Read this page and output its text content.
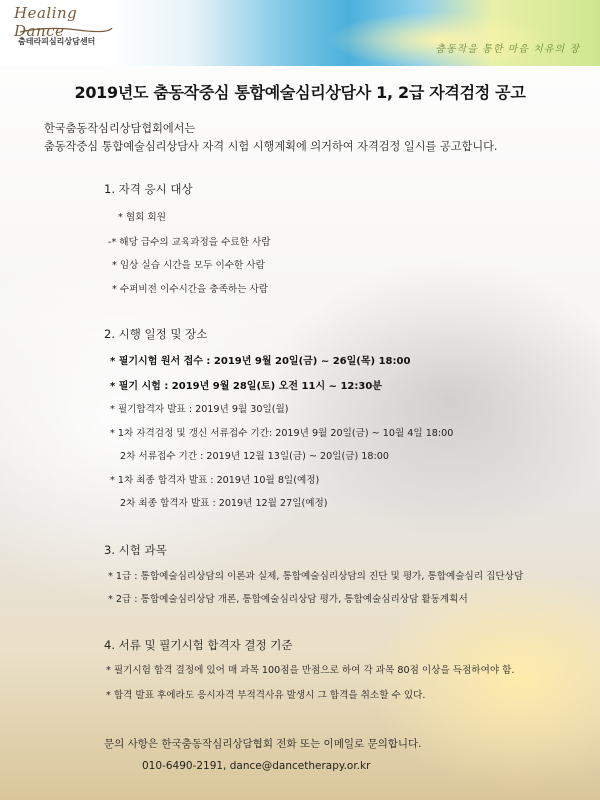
Healing Dance
춤테라피심리상담센터
춤동작을 통한 마음 치유의 장
2019년도 춤동작중심 통합예술심리상담사 1, 2급 자격검정 공고
한국춤동작심리상담협회에서는
춤동작중심 통합예술심리상담사 자격 시험 시행계획에 의거하여 자격검정 일시를 공고합니다.
1. 자격 응시 대상
* 협회 회원
-* 해당 급수의 교육과정을 수료한 사람
* 임상 실습 시간을 모두 이수한 사람
* 수퍼비전 이수시간을 충족하는 사람
2. 시행 일정 및 장소
* 필기시험 원서 접수 : 2019년 9월 20일(금) ~ 26일(목) 18:00
* 필기 시험 : 2019년 9월 28일(토) 오전 11시 ~ 12:30분
* 필기합격자 발표 : 2019년 9월 30일(월)
* 1차 자격검정 및 갱신 서류접수 기간: 2019년 9월 20일(금) ~ 10월 4일 18:00
2차 서류접수 기간 : 2019년 12월 13일(금) ~ 20일(금) 18:00
* 1차 최종 합격자 발표 : 2019년 10월 8일(예정)
2차 최종 합격자 발표 : 2019년 12월 27일(예정)
3. 시험 과목
* 1급 : 통합예술심리상담의 이론과 실제, 통합예술심리상담의 진단 및 평가, 통합예술심리 집단상담
* 2급 : 통합예술심리상담 개론, 통합예술심리상담 평가, 통합예술심리상담 활동계획서
4. 서류 및 필기시험 합격자 결정 기준
* 필기시험 합격 결정에 있어 매 과목 100점을 만점으로 하여 각 과목 80점 이상을 득점하여야 함.
* 합격 발표 후에라도 응시자격 부적격사유 발생시 그 합격을 취소할 수 있다.
문의 사항은 한국춤동작심리상담협회 전화 또는 이메일로 문의합니다.
010-6490-2191, dance@dancetherapy.or.kr
